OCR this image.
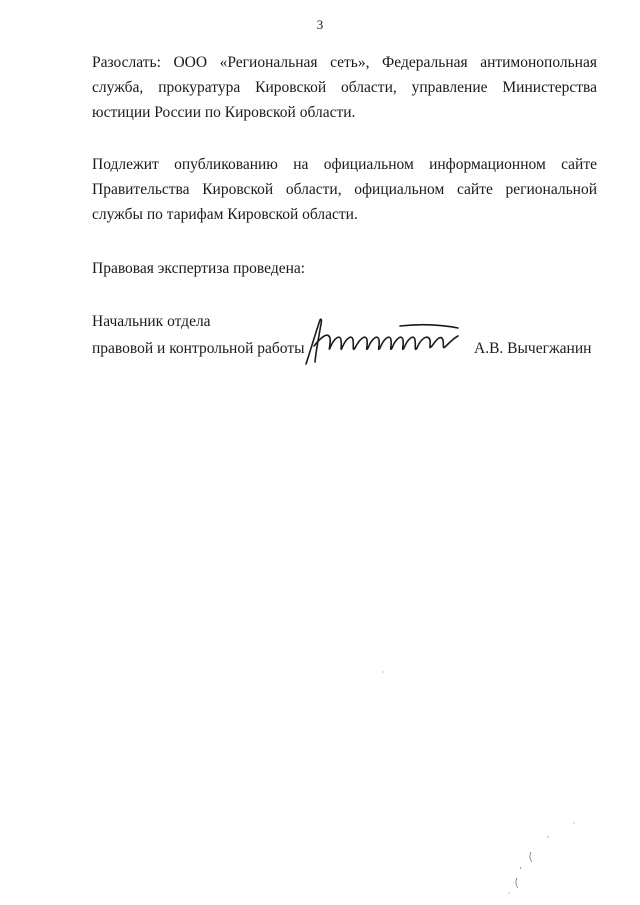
3

Разослать: ООО «Региональная сеть», Федеральная антимонопольная служба, прокуратура Кировской области, управление Министерства юстиции России по Кировской области.

Подлежит опубликованию на официальном информационном сайте Правительства Кировской области, официальном сайте региональной службы по тарифам Кировской области.

Правовая экспертиза проведена:

Начальник отдела
правовой и контрольной работы	А.В. Вычегжанин
